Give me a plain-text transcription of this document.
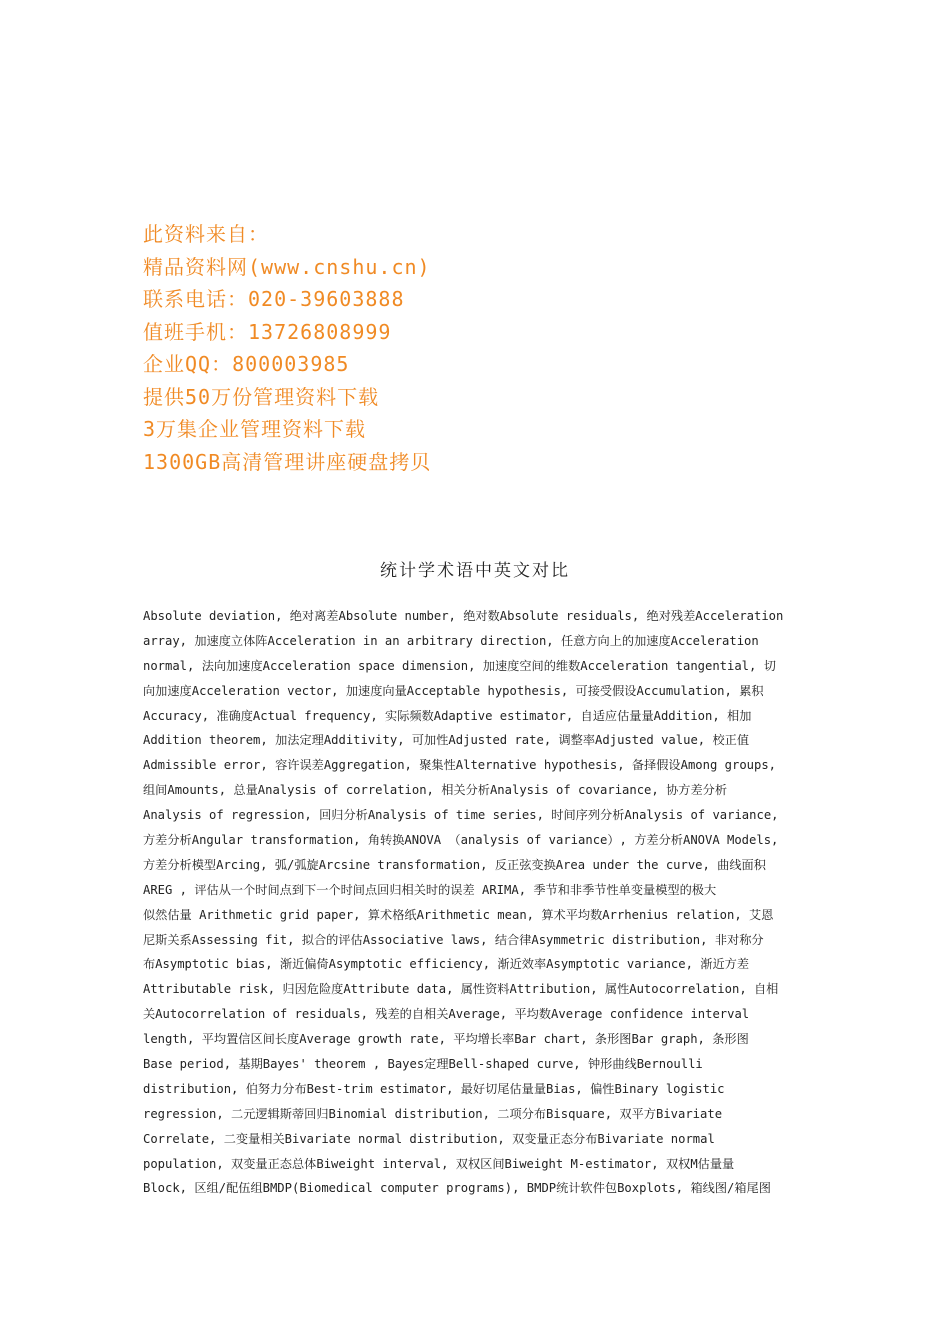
此资料来自：
精品资料网(www.cnshu.cn)
联系电话：020-39603888
值班手机：13726808999
企业QQ：800003985
提供50万份管理资料下载
3万集企业管理资料下载
1300GB高清管理讲座硬盘拷贝
统计学术语中英文对比
Absolute deviation, 绝对离差Absolute number, 绝对数Absolute residuals, 绝对残差Acceleration
array, 加速度立体阵Acceleration in an arbitrary direction, 任意方向上的加速度Acceleration
normal, 法向加速度Acceleration space dimension, 加速度空间的维数Acceleration tangential, 切
向加速度Acceleration vector, 加速度向量Acceptable hypothesis, 可接受假设Accumulation, 累积
Accuracy, 准确度Actual frequency, 实际频数Adaptive estimator, 自适应估量量Addition, 相加
Addition theorem, 加法定理Additivity, 可加性Adjusted rate, 调整率Adjusted value, 校正值
Admissible error, 容许误差Aggregation, 聚集性Alternative hypothesis, 备择假设Among groups,
组间Amounts, 总量Analysis of correlation, 相关分析Analysis of covariance, 协方差分析
Analysis of regression, 回归分析Analysis of time series, 时间序列分析Analysis of variance,
方差分析Angular transformation, 角转换ANOVA （analysis of variance）, 方差分析ANOVA Models,
方差分析模型Arcing, 弧/弧旋Arcsine transformation, 反正弦变换Area under the curve, 曲线面积
AREG , 评估从一个时间点到下一个时间点回归相关时的误差 ARIMA, 季节和非季节性单变量模型的极大
似然估量 Arithmetic grid paper, 算术格纸Arithmetic mean, 算术平均数Arrhenius relation, 艾恩
尼斯关系Assessing fit, 拟合的评估Associative laws, 结合律Asymmetric distribution, 非对称分
布Asymptotic bias, 渐近偏倚Asymptotic efficiency, 渐近效率Asymptotic variance, 渐近方差
Attributable risk, 归因危险度Attribute data, 属性资料Attribution, 属性Autocorrelation, 自相
关Autocorrelation of residuals, 残差的自相关Average, 平均数Average confidence interval
length, 平均置信区间长度Average growth rate, 平均增长率Bar chart, 条形图Bar graph, 条形图
Base period, 基期Bayes' theorem , Bayes定理Bell-shaped curve, 钟形曲线Bernoulli
distribution, 伯努力分布Best-trim estimator, 最好切尾估量量Bias, 偏性Binary logistic
regression, 二元逻辑斯蒂回归Binomial distribution, 二项分布Bisquare, 双平方Bivariate
Correlate, 二变量相关Bivariate normal distribution, 双变量正态分布Bivariate normal
population, 双变量正态总体Biweight interval, 双权区间Biweight M-estimator, 双权M估量量
Block, 区组/配伍组BMDP(Biomedical computer programs), BMDP统计软件包Boxplots, 箱线图/箱尾图
